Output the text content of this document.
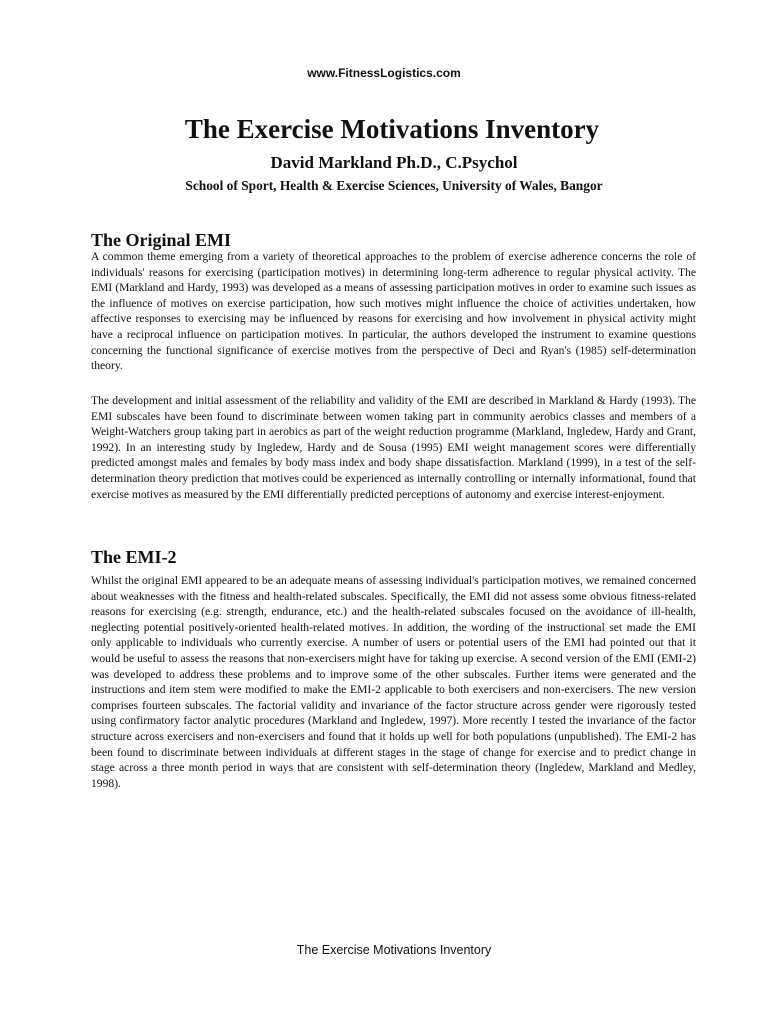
www.FitnessLogistics.com
The Exercise Motivations Inventory
David Markland Ph.D., C.Psychol
School of Sport, Health & Exercise Sciences, University of Wales, Bangor
The Original EMI

A common theme emerging from a variety of theoretical approaches to the problem of exercise adherence concerns the role of individuals' reasons for exercising (participation motives) in determining long-term adherence to regular physical activity. The EMI (Markland and Hardy, 1993) was developed as a means of assessing participation motives in order to examine such issues as the influence of motives on exercise participation, how such motives might influence the choice of activities undertaken, how affective responses to exercising may be influenced by reasons for exercising and how involvement in physical activity might have a reciprocal influence on participation motives. In particular, the authors developed the instrument to examine questions concerning the functional significance of exercise motives from the perspective of Deci and Ryan's (1985) self-determination theory.

The development and initial assessment of the reliability and validity of the EMI are described in Markland & Hardy (1993). The EMI subscales have been found to discriminate between women taking part in community aerobics classes and members of a Weight-Watchers group taking part in aerobics as part of the weight reduction programme (Markland, Ingledew, Hardy and Grant, 1992). In an interesting study by Ingledew, Hardy and de Sousa (1995) EMI weight management scores were differentially predicted amongst males and females by body mass index and body shape dissatisfaction. Markland (1999), in a test of the self-determination theory prediction that motives could be experienced as internally controlling or internally informational, found that exercise motives as measured by the EMI differentially predicted perceptions of autonomy and exercise interest-enjoyment.

The EMI-2

Whilst the original EMI appeared to be an adequate means of assessing individual's participation motives, we remained concerned about weaknesses with the fitness and health-related subscales. Specifically, the EMI did not assess some obvious fitness-related reasons for exercising (e.g. strength, endurance, etc.) and the health-related subscales focused on the avoidance of ill-health, neglecting potential positively-oriented health-related motives. In addition, the wording of the instructional set made the EMI only applicable to individuals who currently exercise. A number of users or potential users of the EMI had pointed out that it would be useful to assess the reasons that non-exercisers might have for taking up exercise. A second version of the EMI (EMI-2) was developed to address these problems and to improve some of the other subscales. Further items were generated and the instructions and item stem were modified to make the EMI-2 applicable to both exercisers and non-exercisers. The new version comprises fourteen subscales. The factorial validity and invariance of the factor structure across gender were rigorously tested using confirmatory factor analytic procedures (Markland and Ingledew, 1997). More recently I tested the invariance of the factor structure across exercisers and non-exercisers and found that it holds up well for both populations (unpublished). The EMI-2 has been found to discriminate between individuals at different stages in the stage of change for exercise and to predict change in stage across a three month period in ways that are consistent with self-determination theory (Ingledew, Markland and Medley, 1998).

The Exercise Motivations Inventory
